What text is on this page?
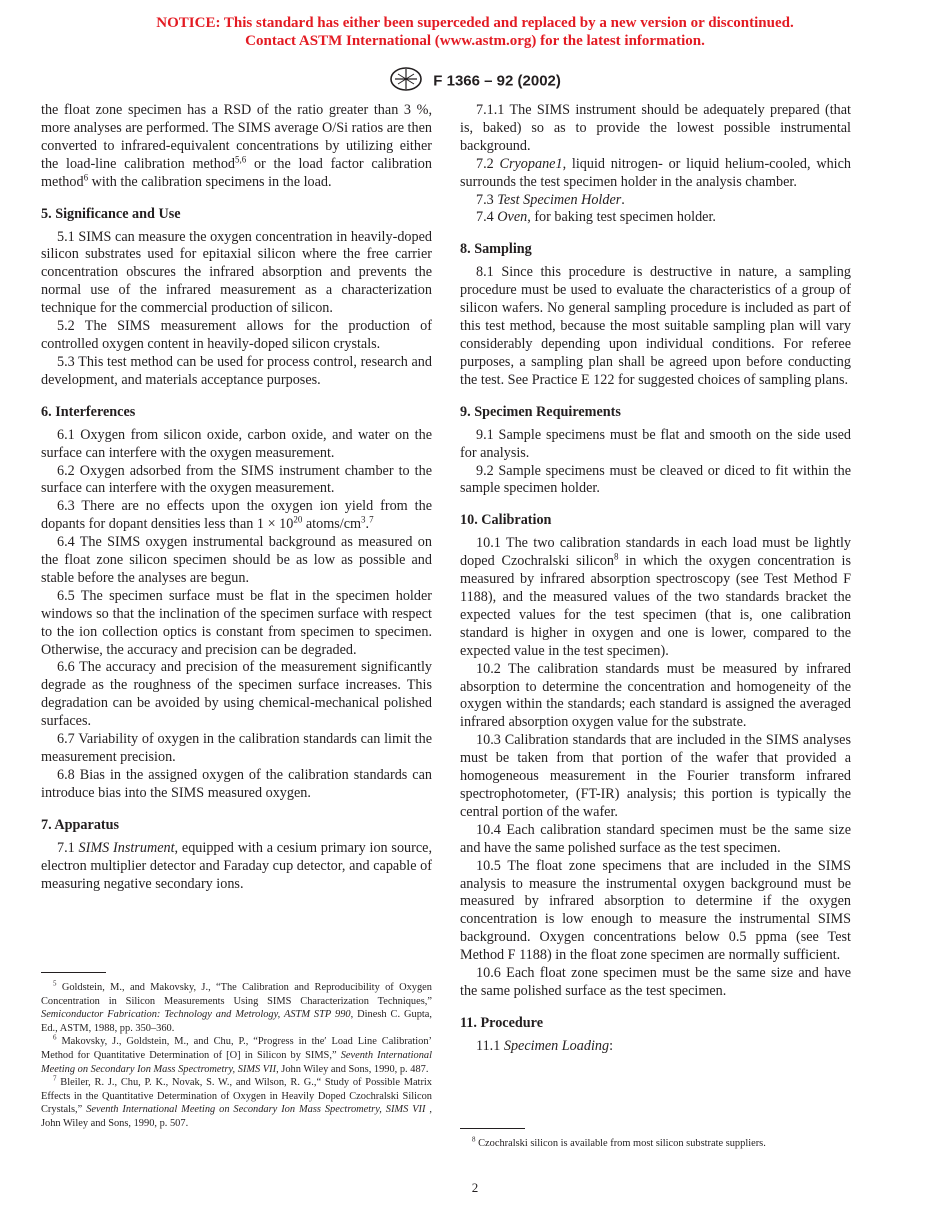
NOTICE: This standard has either been superceded and replaced by a new version or discontinued.
Contact ASTM International (www.astm.org) for the latest information.
F 1366 – 92 (2002)

the float zone specimen has a RSD of the ratio greater than 3 %, more analyses are performed. The SIMS average O/Si ratios are then converted to infrared-equivalent concentrations by utilizing either the load-line calibration method$^{5,6}$ or the load factor calibration method$^6$ with the calibration specimens in the load.

5. Significance and Use

5.1 SIMS can measure the oxygen concentration in heavily-doped silicon substrates used for epitaxial silicon where the free carrier concentration obscures the infrared absorption and prevents the normal use of the infrared measurement as a characterization technique for the commercial production of silicon.

5.2 The SIMS measurement allows for the production of controlled oxygen content in heavily-doped silicon crystals.

5.3 This test method can be used for process control, research and development, and materials acceptance purposes.

6. Interferences

6.1 Oxygen from silicon oxide, carbon oxide, and water on the surface can interfere with the oxygen measurement.

6.2 Oxygen adsorbed from the SIMS instrument chamber to the surface can interfere with the oxygen measurement.

6.3 There are no effects upon the oxygen ion yield from the dopants for dopant densities less than $1 \times 10^{20}$ atoms/$cm^3.^7$

6.4 The SIMS oxygen instrumental background as measured on the float zone silicon specimen should be as low as possible and stable before the analyses are begun.

6.5 The specimen surface must be flat in the specimen holder windows so that the inclination of the specimen surface with respect to the ion collection optics is constant from specimen to specimen. Otherwise, the accuracy and precision can be degraded.

6.6 The accuracy and precision of the measurement significantly degrade as the roughness of the specimen surface increases. This degradation can be avoided by using chemical-mechanical polished surfaces.

6.7 Variability of oxygen in the calibration standards can limit the measurement precision.

6.8 Bias in the assigned oxygen of the calibration standards can introduce bias into the SIMS measured oxygen.

7. Apparatus

7.1 SIMS Instrument, equipped with a cesium primary ion source, electron multiplier detector and Faraday cup detector, and capable of measuring negative secondary ions.

$^5$ Goldstein, M., and Makovsky, J., “The Calibration and Reproducibility of Oxygen Concentration in Silicon Measurements Using SIMS Characterization Techniques,” Semiconductor Fabrication: Technology and Metrology, ASTM STP 990, Dinesh C. Gupta, Ed., ASTM, 1988, pp. 350–360.

$^6$ Makovsky, J., Goldstein, M., and Chu, P., “Progress in the′ Load Line Calibration’ Method for Quantitative Determination of [O] in Silicon by SIMS,” Seventh International Meeting on Secondary Ion Mass Spectrometry, SIMS VII, John Wiley and Sons, 1990, p. 487.

$^7$ Bleiler, R. J., Chu, P. K., Novak, S. W., and Wilson, R. G.,“ Study of Possible Matrix Effects in the Quantitative Determination of Oxygen in Heavily Doped Czochralski Silicon Crystals,” Seventh International Meeting on Secondary Ion Mass Spectrometry, SIMS VII , John Wiley and Sons, 1990, p. 507.

7.1.1 The SIMS instrument should be adequately prepared (that is, baked) so as to provide the lowest possible instrumental background.

7.2 Cryopane1, liquid nitrogen- or liquid helium-cooled, which surrounds the test specimen holder in the analysis chamber.

7.3 Test Specimen Holder.

7.4 Oven, for baking test specimen holder.

8. Sampling

8.1 Since this procedure is destructive in nature, a sampling procedure must be used to evaluate the characteristics of a group of silicon wafers. No general sampling procedure is included as part of this test method, because the most suitable sampling plan will vary considerably depending upon individual conditions. For referee purposes, a sampling plan shall be agreed upon before conducting the test. See Practice E 122 for suggested choices of sampling plans.

9. Specimen Requirements

9.1 Sample specimens must be flat and smooth on the side used for analysis.

9.2 Sample specimens must be cleaved or diced to fit within the sample specimen holder.

10. Calibration

10.1 The two calibration standards in each load must be lightly doped Czochralski silicon$^8$ in which the oxygen concentration is measured by infrared absorption spectroscopy (see Test Method F 1188), and the measured values of the two standards bracket the expected values for the test specimen (that is, one calibration standard is higher in oxygen and one is lower, compared to the expected value in the test specimen).

10.2 The calibration standards must be measured by infrared absorption to determine the concentration and homogeneity of the oxygen within the standards; each standard is assigned the averaged infrared absorption oxygen value for the substrate.

10.3 Calibration standards that are included in the SIMS analyses must be taken from that portion of the wafer that provided a homogeneous measurement in the Fourier transform infrared spectrophotometer, (FT-IR) analysis; this portion is typically the central portion of the wafer.

10.4 Each calibration standard specimen must be the same size and have the same polished surface as the test specimen.

10.5 The float zone specimens that are included in the SIMS analysis to measure the instrumental oxygen background must be measured by infrared absorption to determine if the oxygen concentration is low enough to measure the instrumental SIMS background. Oxygen concentrations below 0.5 ppma (see Test Method F 1188) in the float zone specimen are normally sufficient.

10.6 Each float zone specimen must be the same size and have the same polished surface as the test specimen.

11. Procedure

11.1 Specimen Loading:

$^8$ Czochralski silicon is available from most silicon substrate suppliers.

2
